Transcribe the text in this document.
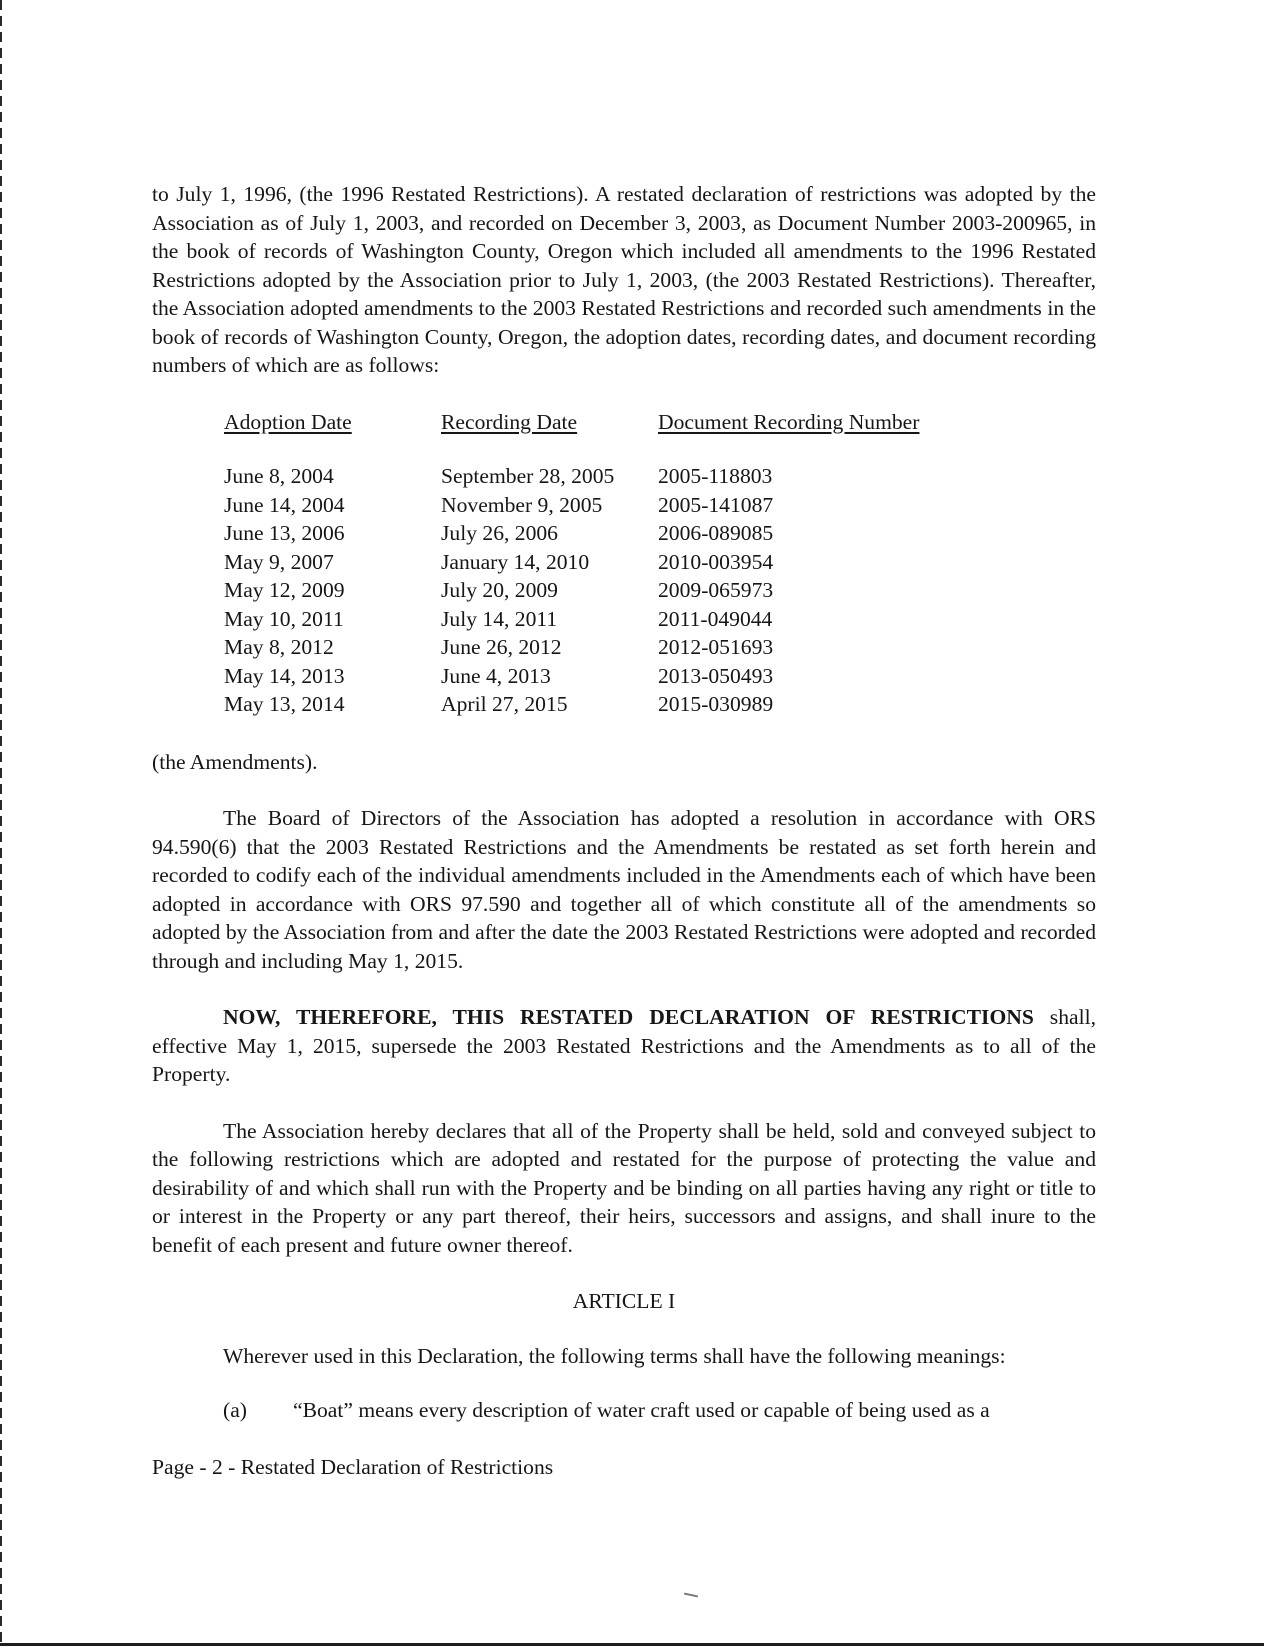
to July 1, 1996, (the 1996 Restated Restrictions). A restated declaration of restrictions was adopted by the Association as of July 1, 2003, and recorded on December 3, 2003, as Document Number 2003-200965, in the book of records of Washington County, Oregon which included all amendments to the 1996 Restated Restrictions adopted by the Association prior to July 1, 2003, (the 2003 Restated Restrictions). Thereafter, the Association adopted amendments to the 2003 Restated Restrictions and recorded such amendments in the book of records of Washington County, Oregon, the adoption dates, recording dates, and document recording numbers of which are as follows:

Adoption Date	Recording Date	Document Recording Number
June 8, 2004	September 28, 2005	2005-118803
June 14, 2004	November 9, 2005	2005-141087
June 13, 2006	July 26, 2006	2006-089085
May 9, 2007	January 14, 2010	2010-003954
May 12, 2009	July 20, 2009	2009-065973
May 10, 2011	July 14, 2011	2011-049044
May 8, 2012	June 26, 2012	2012-051693
May 14, 2013	June 4, 2013	2013-050493
May 13, 2014	April 27, 2015	2015-030989

(the Amendments).

The Board of Directors of the Association has adopted a resolution in accordance with ORS 94.590(6) that the 2003 Restated Restrictions and the Amendments be restated as set forth herein and recorded to codify each of the individual amendments included in the Amendments each of which have been adopted in accordance with ORS 97.590 and together all of which constitute all of the amendments so adopted by the Association from and after the date the 2003 Restated Restrictions were adopted and recorded through and including May 1, 2015.

NOW, THEREFORE, THIS RESTATED DECLARATION OF RESTRICTIONS shall, effective May 1, 2015, supersede the 2003 Restated Restrictions and the Amendments as to all of the Property.

The Association hereby declares that all of the Property shall be held, sold and conveyed subject to the following restrictions which are adopted and restated for the purpose of protecting the value and desirability of and which shall run with the Property and be binding on all parties having any right or title to or interest in the Property or any part thereof, their heirs, successors and assigns, and shall inure to the benefit of each present and future owner thereof.

ARTICLE I

Wherever used in this Declaration, the following terms shall have the following meanings:

(a)	“Boat” means every description of water craft used or capable of being used as a
Page - 2 - Restated Declaration of Restrictions
